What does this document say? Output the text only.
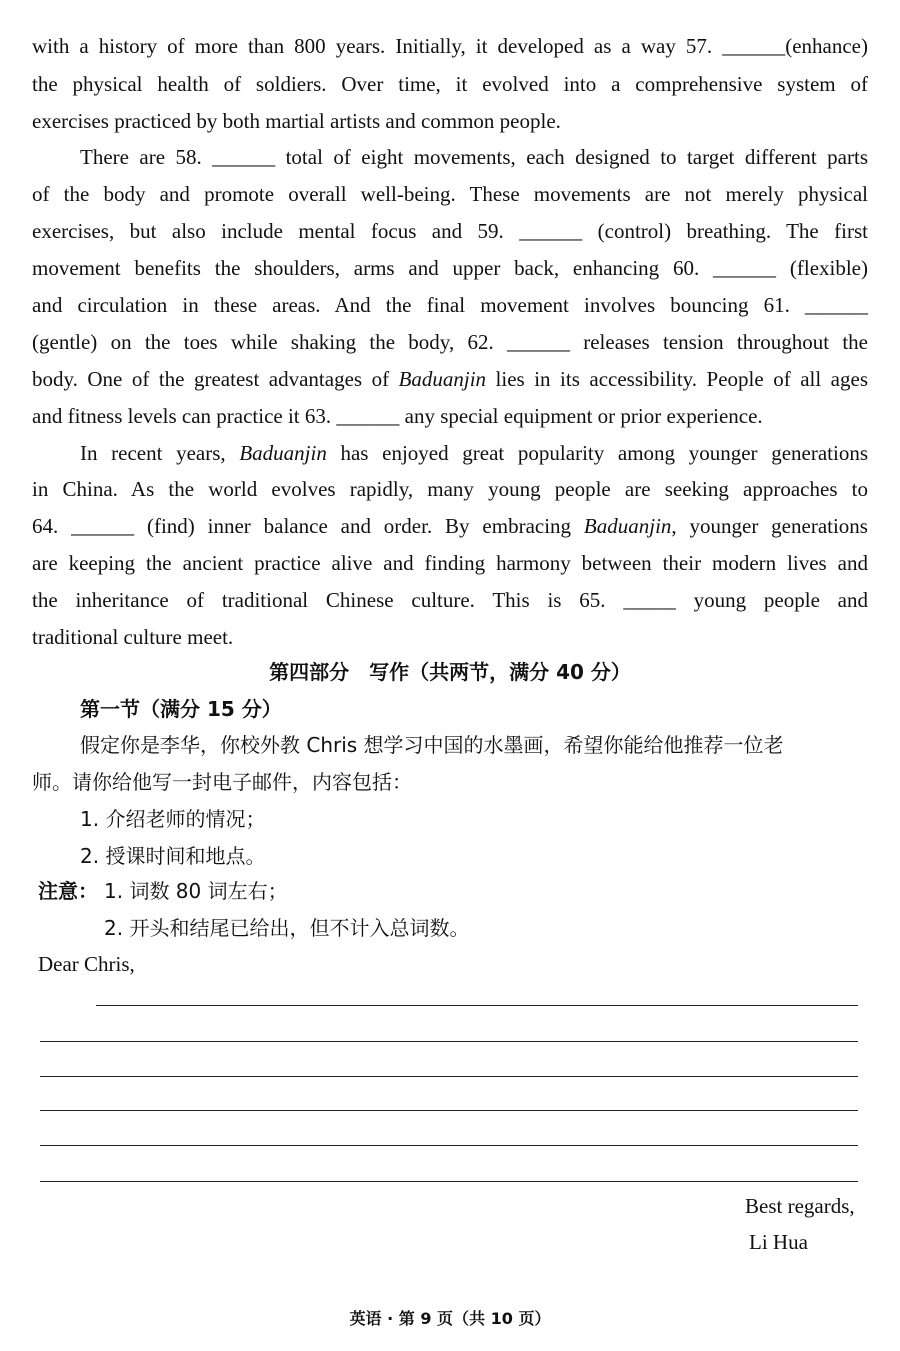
with a history of more than 800 years. Initially, it developed as a way 57. ______(enhance)
the physical health of soldiers. Over time, it evolved into a comprehensive system of
exercises practiced by both martial artists and common people.
There are 58. ______ total of eight movements, each designed to target different parts
of the body and promote overall well-being. These movements are not merely physical
exercises, but also include mental focus and 59. ______ (control) breathing. The first
movement benefits the shoulders, arms and upper back, enhancing 60. ______ (flexible)
and circulation in these areas. And the final movement involves bouncing 61. ______
(gentle) on the toes while shaking the body, 62. ______ releases tension throughout the
body. One of the greatest advantages of Baduanjin lies in its accessibility. People of all ages
and fitness levels can practice it 63. ______ any special equipment or prior experience.
In recent years, Baduanjin has enjoyed great popularity among younger generations
in China. As the world evolves rapidly, many young people are seeking approaches to
64. ______ (find) inner balance and order. By embracing Baduanjin, younger generations
are keeping the ancient practice alive and finding harmony between their modern lives and
the inheritance of traditional Chinese culture. This is 65. _____ young people and
traditional culture meet.
第四部分　写作（共两节，满分 40 分）
第一节（满分 15 分）
假定你是李华，你校外教 Chris 想学习中国的水墨画，希望你能给他推荐一位老
师。请你给他写一封电子邮件，内容包括：
1. 介绍老师的情况；
2. 授课时间和地点。
注意： 1. 词数 80 词左右；
2. 开头和结尾已给出，但不计入总词数。
Dear Chris,
Best regards,
Li Hua
英语 · 第 9 页（共 10 页）
